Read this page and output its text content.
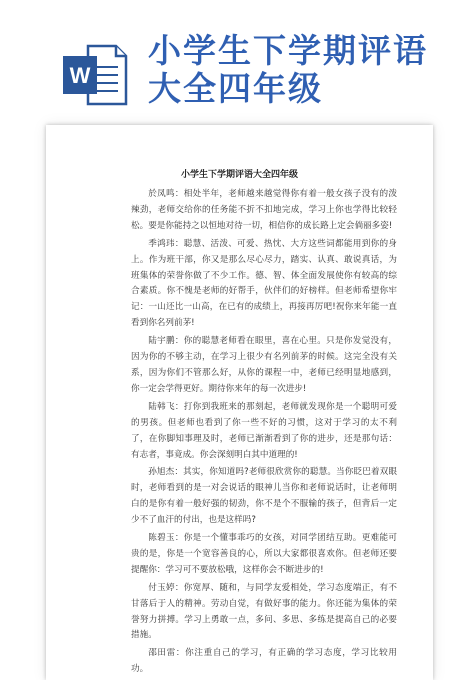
W
小学生下学期评语
大全四年级
小学生下学期评语大全四年级

於凤鸣：相处半年，老师越来越觉得你有着一般女孩子没有的泼辣劲，老师交给你的任务能不折不扣地完成，学习上你也学得比较轻松。要是你能持之以恒地对待一切，相信你的成长路上定会倘丽多姿!

季鸿玮：聪慧、活泼、可爱、热忱、大方这些词都能用到你的身上。作为班干部，你又是那么尽心尽力，踏实、认真、敢说真话，为班集体的荣誉你做了不少工作。德、智、体全面发展使你有较高的综合素质。你不愧是老师的好帮手，伙伴们的好榜样。但老师希望你牢记：一山还比一山高，在已有的成绩上，再接再厉吧!祝你来年能一直看到你名列前茅!

陆宇鹏：你的聪慧老师看在眼里，喜在心里。只是你发觉没有，因为你的不够主动，在学习上很少有名列前茅的时候。这完全没有关系，因为你们不管那么好，从你的课程一中，老师已经明显地感到，你一定会学得更好。期待你来年的每一次进步!

陆韩飞：打你到我班来的那刻起，老师就发现你是一个聪明可爱的男孩。但老师也看到了你一些不好的习惯，这对于学习的太不利了，在你脚知事理及时，老师已渐渐看到了你的进步，还是那句话：有志者，事竟成。你会深刻明白其中道理的!

孙旭杰：其实，你知道吗?老师很欣赏你的聪慧。当你眨巴着双眼时，老师看到的是一对会说话的眼神儿当你和老师说话时，让老师明白的是你有着一般好强的韧劲，你不是个不服输的孩子，但背后一定少不了血汗的付出，也是这样吗?

陈碧玉：你是一个懂事乖巧的女孩，对同学团结互助。更难能可贵的是，你是一个宽容善良的心，所以大家都很喜欢你。但老师还要提醒你：学习可不要放松哦，这样你会不断进步的!

付玉婷：你宽厚、随和，与同学友爱相处，学习态度端正，有不甘落后于人的精神。劳动自觉，有做好事的能力。你还能为集体的荣誉努力拼搏。学习上勇敢一点，多问、多思、多练是提高自己的必要措施。

邵田雷：你注重自己的学习，有正确的学习态度，学习比较用功。
